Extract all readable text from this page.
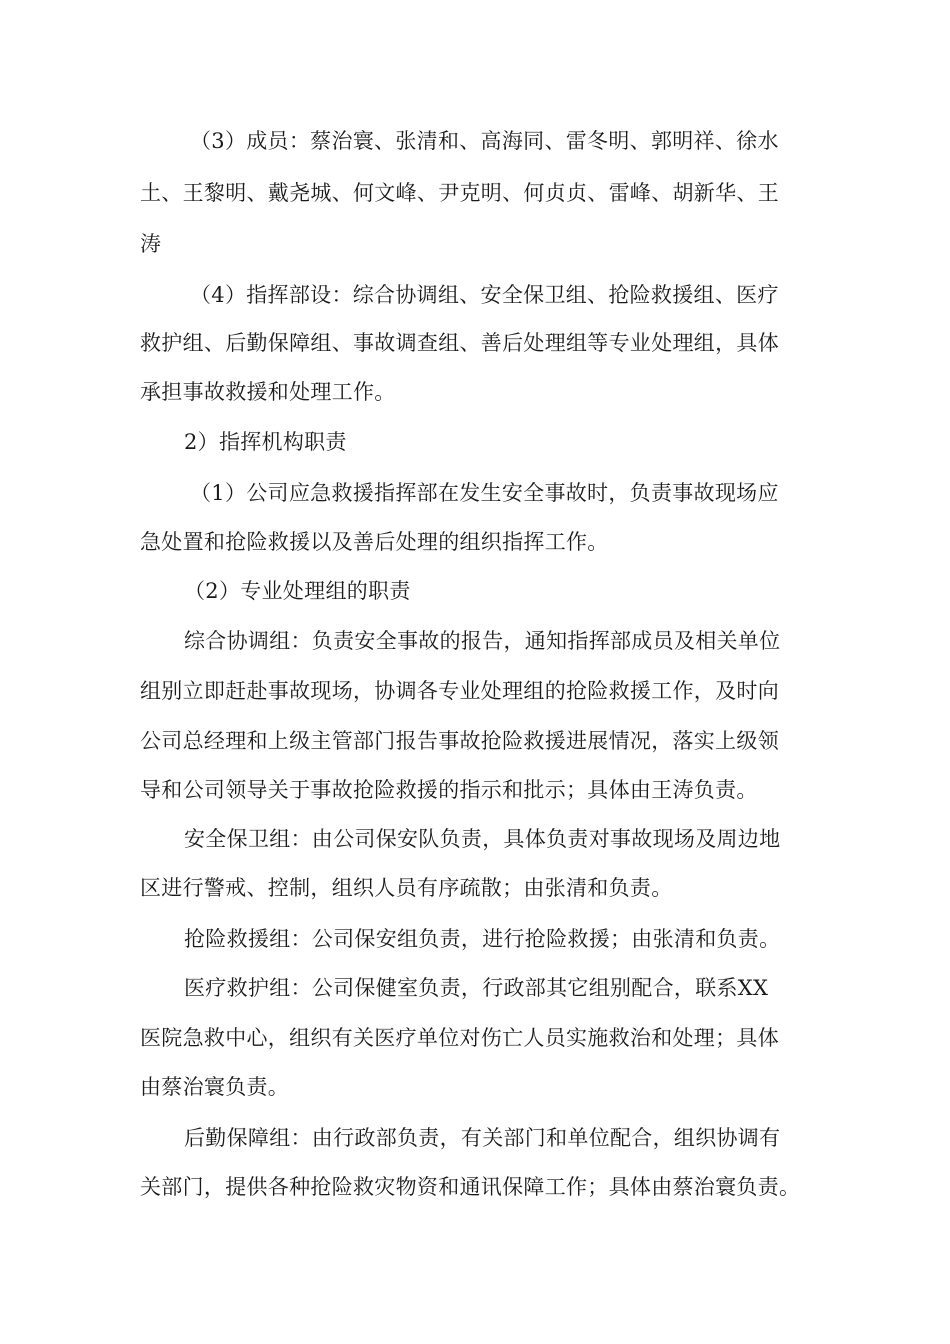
（3）成员：蔡治寰、张清和、高海同、雷冬明、郭明祥、徐水
土、王黎明、戴尧城、何文峰、尹克明、何贞贞、雷峰、胡新华、王
涛
（4）指挥部设：综合协调组、安全保卫组、抢险救援组、医疗
救护组、后勤保障组、事故调查组、善后处理组等专业处理组，具体
承担事故救援和处理工作。
2）指挥机构职责
（1）公司应急救援指挥部在发生安全事故时，负责事故现场应
急处置和抢险救援以及善后处理的组织指挥工作。
（2）专业处理组的职责
综合协调组：负责安全事故的报告，通知指挥部成员及相关单位
组别立即赶赴事故现场，协调各专业处理组的抢险救援工作，及时向
公司总经理和上级主管部门报告事故抢险救援进展情况，落实上级领
导和公司领导关于事故抢险救援的指示和批示；具体由王涛负责。
安全保卫组：由公司保安队负责，具体负责对事故现场及周边地
区进行警戒、控制，组织人员有序疏散；由张清和负责。
抢险救援组：公司保安组负责，进行抢险救援；由张清和负责。
医疗救护组：公司保健室负责，行政部其它组别配合，联系XX
医院急救中心，组织有关医疗单位对伤亡人员实施救治和处理；具体
由蔡治寰负责。
后勤保障组：由行政部负责，有关部门和单位配合，组织协调有
关部门，提供各种抢险救灾物资和通讯保障工作；具体由蔡治寰负责。
